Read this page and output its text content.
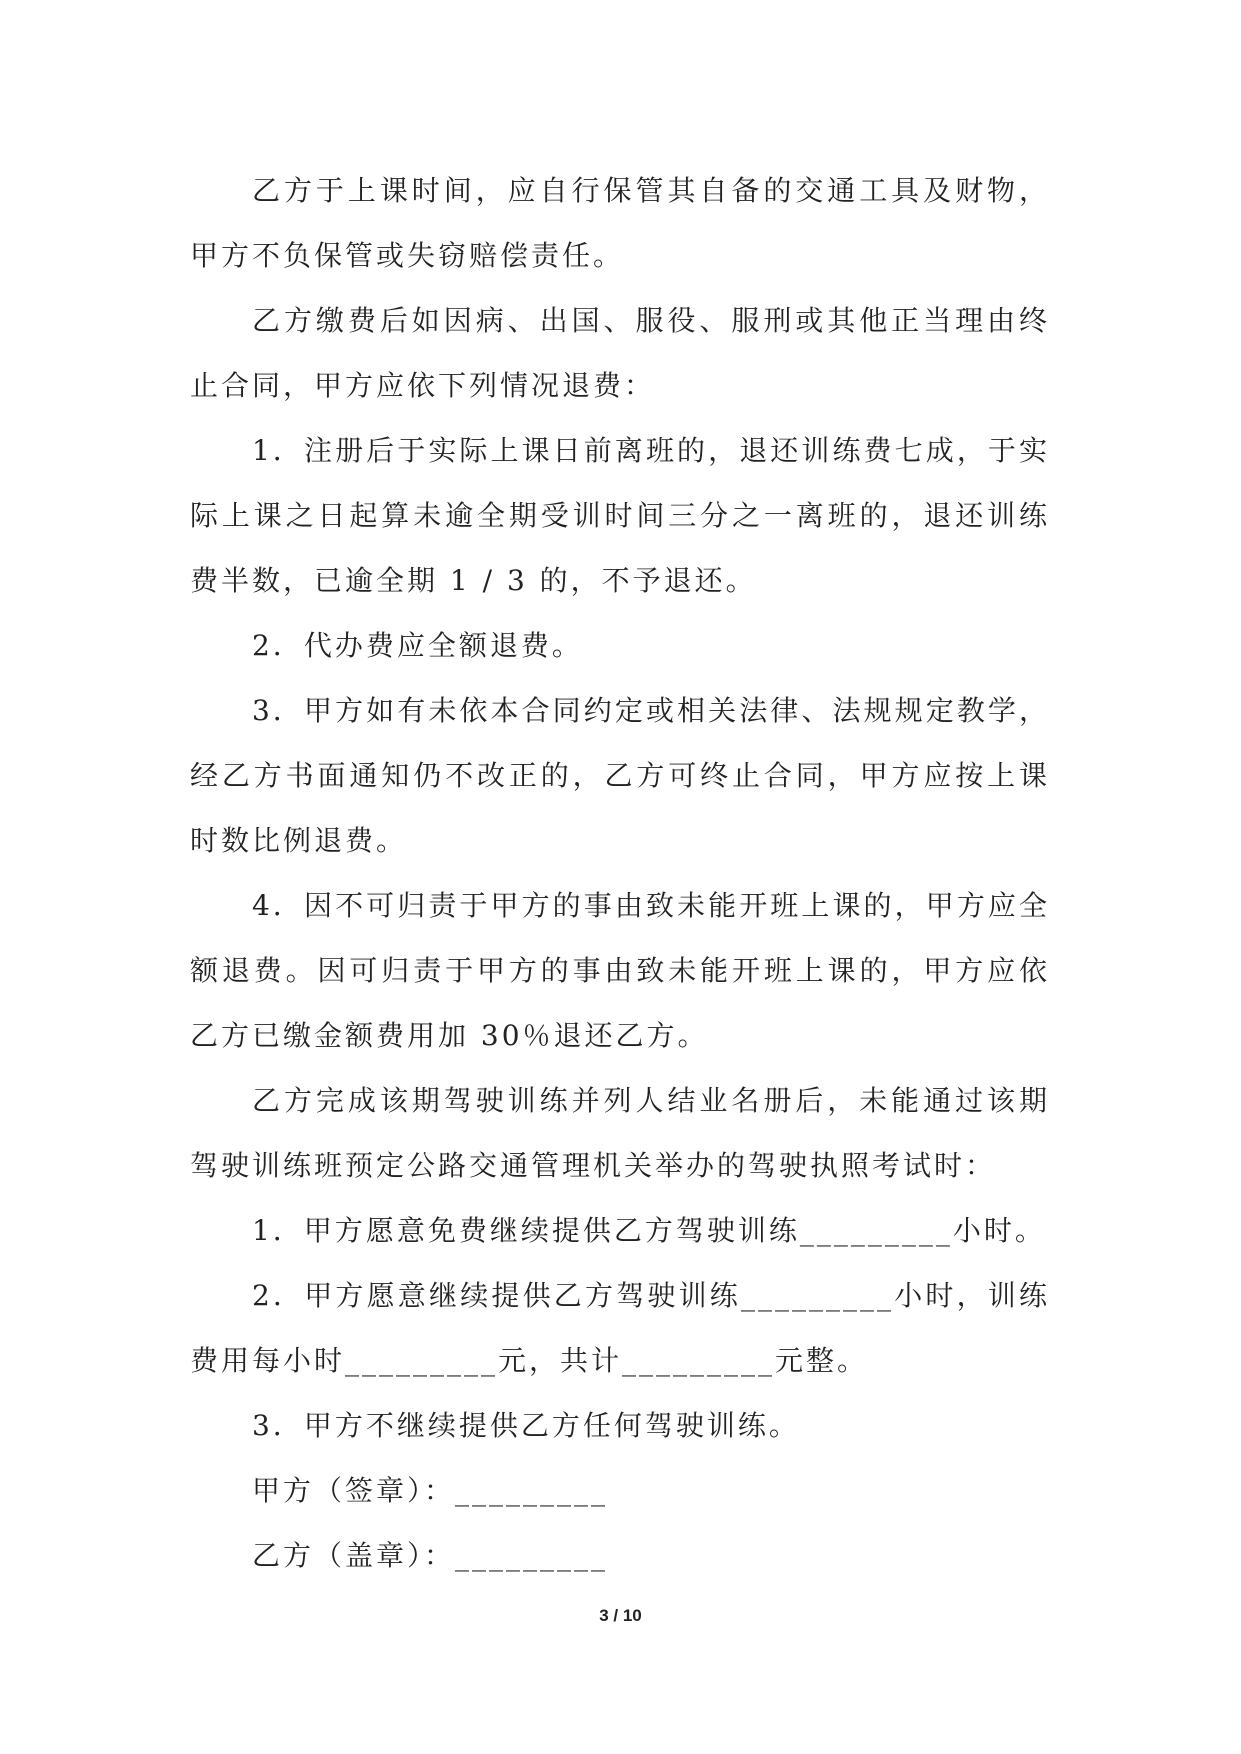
乙方于上课时间，应自行保管其自备的交通工具及财物，甲方不负保管或失窃赔偿责任。

乙方缴费后如因病、出国、服役、服刑或其他正当理由终止合同，甲方应依下列情况退费：

1．注册后于实际上课日前离班的，退还训练费七成，于实际上课之日起算未逾全期受训时间三分之一离班的，退还训练费半数，已逾全期 1 / 3 的，不予退还。

2．代办费应全额退费。

3．甲方如有未依本合同约定或相关法律、法规规定教学，经乙方书面通知仍不改正的，乙方可终止合同，甲方应按上课时数比例退费。

4．因不可归责于甲方的事由致未能开班上课的，甲方应全额退费。因可归责于甲方的事由致未能开班上课的，甲方应依乙方已缴金额费用加 30％退还乙方。

乙方完成该期驾驶训练并列人结业名册后，未能通过该期驾驶训练班预定公路交通管理机关举办的驾驶执照考试时：

1．甲方愿意免费继续提供乙方驾驶训练_________小时。

2．甲方愿意继续提供乙方驾驶训练_________小时，训练费用每小时_________元，共计_________元整。

3．甲方不继续提供乙方任何驾驶训练。

甲方（签章）：_________

乙方（盖章）：_________

3 / 10
